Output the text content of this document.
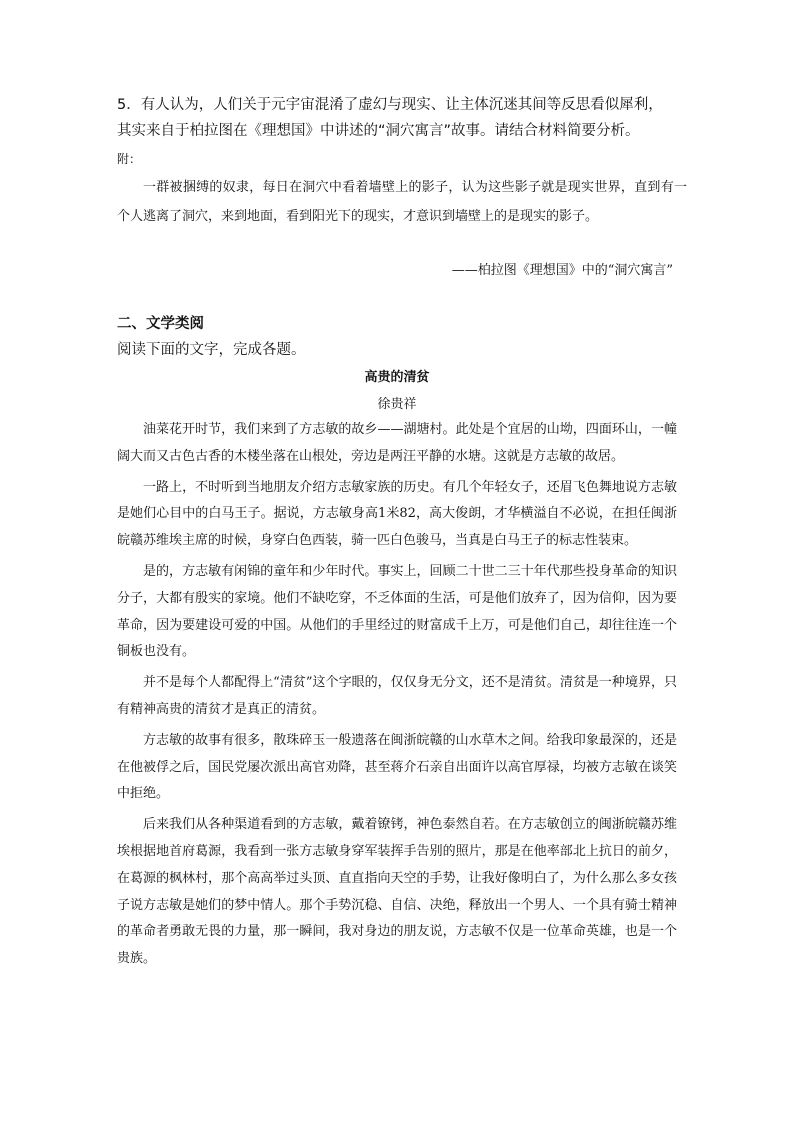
5．有人认为，人们关于元宇宙混淆了虚幻与现实、让主体沉迷其间等反思看似犀利，其实来自于柏拉图在《理想国》中讲述的“洞穴寓言”故事。请结合材料简要分析。
附：

一群被捆缚的奴隶，每日在洞穴中看着墙壁上的影子，认为这些影子就是现实世界，直到有一个人逃离了洞穴，来到地面，看到阳光下的现实，才意识到墙壁上的是现实的影子。

——柏拉图《理想国》中的“洞穴寓言”
二、文学类阅
阅读下面的文字，完成各题。
高贵的清贫
徐贵祥

油菜花开时节，我们来到了方志敏的故乡——湖塘村。此处是个宜居的山坳，四面环山，一幢阔大而又古色古香的木楼坐落在山根处，旁边是两汪平静的水塘。这就是方志敏的故居。

一路上，不时听到当地朋友介绍方志敏家族的历史。有几个年轻女子，还眉飞色舞地说方志敏是她们心目中的白马王子。据说，方志敏身高1米82，高大俊朗，才华横溢自不必说，在担任闽浙皖赣苏维埃主席的时候，身穿白色西装，骑一匹白色骏马，当真是白马王子的标志性装束。

是的，方志敏有闲锦的童年和少年时代。事实上，回顾二十世二三十年代那些投身革命的知识分子，大都有殷实的家境。他们不缺吃穿，不乏体面的生活，可是他们放弃了，因为信仰，因为要革命，因为要建设可爱的中国。从他们的手里经过的财富成千上万，可是他们自己，却往往连一个铜板也没有。

并不是每个人都配得上“清贫”这个字眼的，仅仅身无分文，还不是清贫。清贫是一种境界，只有精神高贵的清贫才是真正的清贫。

方志敏的故事有很多，散珠碎玉一般遗落在闽浙皖赣的山水草木之间。给我印象最深的，还是在他被俘之后，国民党屡次派出高官劝降，甚至蒋介石亲自出面许以高官厚禄，均被方志敏在谈笑中拒绝。

后来我们从各种渠道看到的方志敏，戴着镣铐，神色泰然自若。在方志敏创立的闽浙皖赣苏维埃根据地首府葛源，我看到一张方志敏身穿军装挥手告别的照片，那是在他率部北上抗日的前夕，在葛源的枫林村，那个高高举过头顶、直直指向天空的手势，让我好像明白了，为什么那么多女孩子说方志敏是她们的梦中情人。那个手势沉稳、自信、决绝，释放出一个男人、一个具有骑士精神的革命者勇敢无畏的力量，那一瞬间，我对身边的朋友说，方志敏不仅是一位革命英雄，也是一个贵族。
